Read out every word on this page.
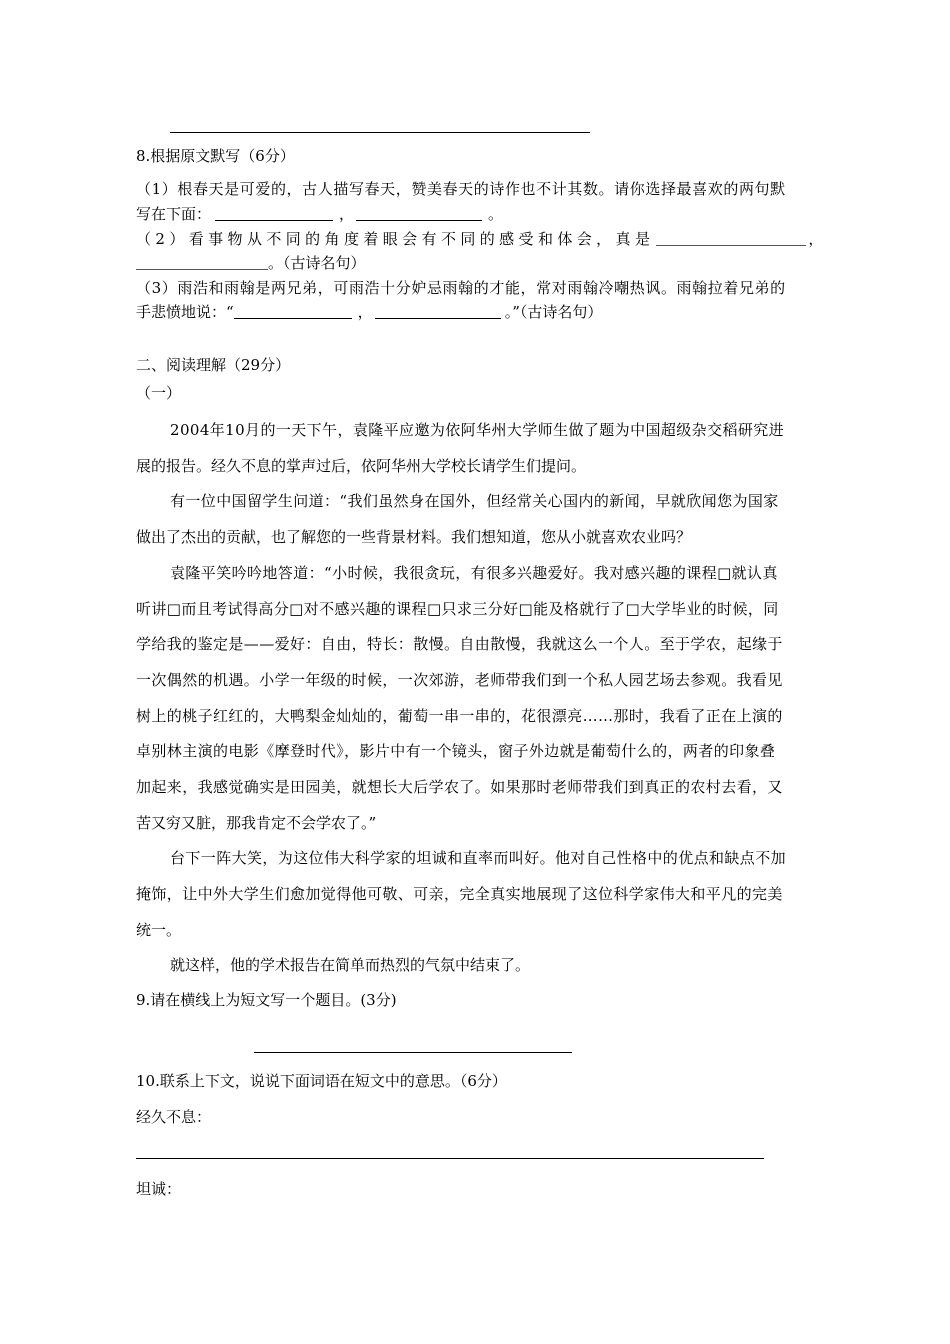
8.根据原文默写（6分）
（1）根春天是可爱的，古人描写春天，赞美春天的诗作也不计其数。请你选择最喜欢的两句默
写在下面：	，	。
（2）看事物从不同的角度着眼会有不同的感受和体会，真是	，
。（古诗名句）
（3）雨浩和雨翰是两兄弟，可雨浩十分妒忌雨翰的才能，常对雨翰冷嘲热讽。雨翰拉着兄弟的
手悲愤地说：“	，	。”（古诗名句）
二、阅读理解（29分）
（一）
2004年10月的一天下午，袁隆平应邀为依阿华州大学师生做了题为中国超级杂交稻研究进
展的报告。经久不息的掌声过后，依阿华州大学校长请学生们提问。
有一位中国留学生问道：“我们虽然身在国外，但经常关心国内的新闻，早就欣闻您为国家
做出了杰出的贡献，也了解您的一些背景材料。我们想知道，您从小就喜欢农业吗？
袁隆平笑吟吟地答道：“小时候，我很贪玩，有很多兴趣爱好。我对感兴趣的课程□就认真
听讲□而且考试得高分□对不感兴趣的课程□只求三分好□能及格就行了□大学毕业的时候，同
学给我的鉴定是——爱好：自由，特长：散慢。自由散慢，我就这么一个人。至于学农，起缘于
一次偶然的机遇。小学一年级的时候，一次郊游，老师带我们到一个私人园艺场去参观。我看见
树上的桃子红红的，大鸭梨金灿灿的，葡萄一串一串的，花很漂亮……那时，我看了正在上演的
卓别林主演的电影《摩登时代》，影片中有一个镜头，窗子外边就是葡萄什么的，两者的印象叠
加起来，我感觉确实是田园美，就想长大后学农了。如果那时老师带我们到真正的农村去看，又
苦又穷又脏，那我肯定不会学农了。”
台下一阵大笑，为这位伟大科学家的坦诚和直率而叫好。他对自己性格中的优点和缺点不加
掩饰，让中外大学生们愈加觉得他可敬、可亲，完全真实地展现了这位科学家伟大和平凡的完美
统一。
就这样，他的学术报告在简单而热烈的气氛中结束了。
9.请在横线上为短文写一个题目。(3分)
10.联系上下文，说说下面词语在短文中的意思。（6分）
经久不息：
坦诚：
